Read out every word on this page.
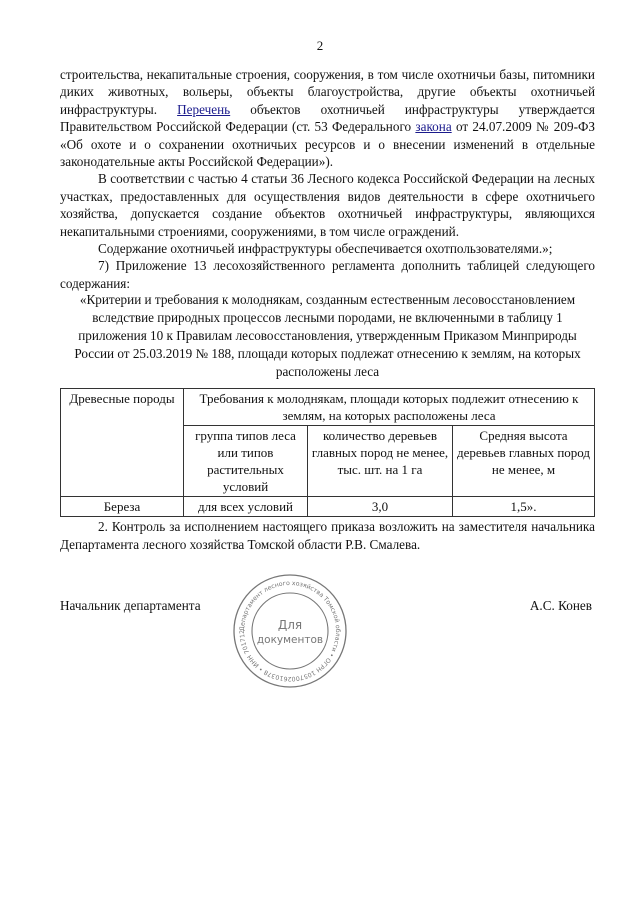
2

строительства, некапитальные строения, сооружения, в том числе охотничьи базы, питомники диких животных, вольеры, объекты благоустройства, другие объекты охотничьей инфраструктуры. Перечень объектов охотничьей инфраструктуры утверждается Правительством Российской Федерации (ст. 53 Федерального закона от 24.07.2009 № 209-ФЗ «Об охоте и о сохранении охотничьих ресурсов и о внесении изменений в отдельные законодательные акты Российской Федерации»).

В соответствии с частью 4 статьи 36 Лесного кодекса Российской Федерации на лесных участках, предоставленных для осуществления видов деятельности в сфере охотничьего хозяйства, допускается создание объектов охотничьей инфраструктуры, являющихся некапитальными строениями, сооружениями, в том числе ограждений.

Содержание охотничьей инфраструктуры обеспечивается охотпользователями.»;

7) Приложение 13 лесохозяйственного регламента дополнить таблицей следующего содержания:

«Критерии и требования к молоднякам, созданным естественным лесовосстановлением вследствие природных процессов лесными породами, не включенными в таблицу 1 приложения 10 к Правилам лесовосстановления, утвержденным Приказом Минприроды России от 25.03.2019 № 188, площади которых подлежат отнесению к землям, на которых расположены леса
Древесные породы	Требования к молоднякам, площади которых подлежит отнесению к землям, на которых расположены леса		
	группа типов леса или типов растительных условий	количество деревьев главных пород не менее, тыс. шт. на 1 га	Средняя высота деревьев главных пород не менее, м
Береза	для всех условий	3,0	1,5».

2. Контроль за исполнением настоящего приказа возложить на заместителя начальника Департамента лесного хозяйства Томской области Р.В. Смалева.

Начальник департамента
Департамент лесного хозяйства Томской области • ОГРН 1057002610378 • ИНН 701712	Для
документов
А.С. Конев
